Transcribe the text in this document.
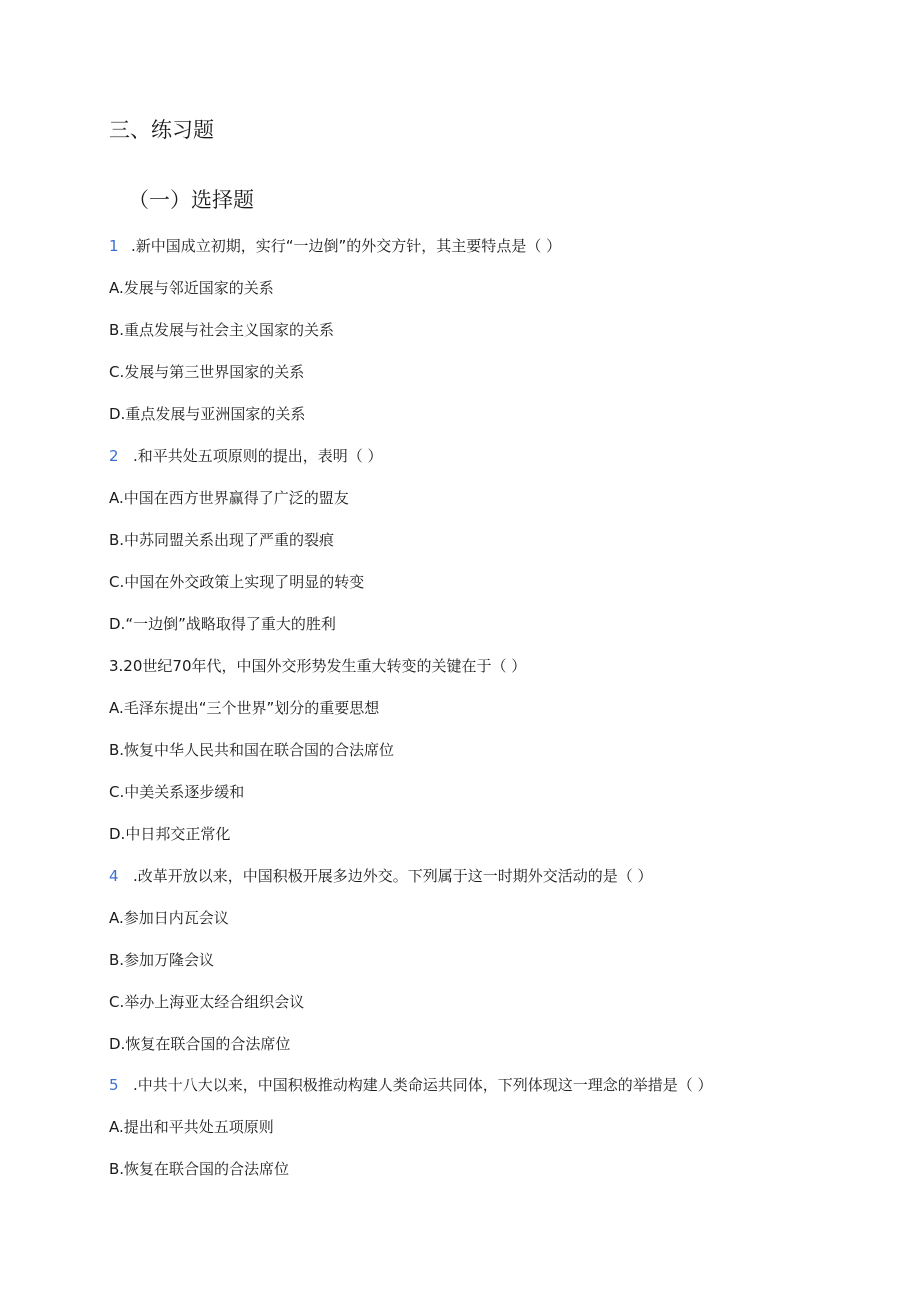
三、练习题
（一）选择题
1 .新中国成立初期，实行“一边倒”的外交方针，其主要特点是（ ）
A.发展与邻近国家的关系
B.重点发展与社会主义国家的关系
C.发展与第三世界国家的关系
D.重点发展与亚洲国家的关系
2 .和平共处五项原则的提出，表明（ ）
A.中国在西方世界赢得了广泛的盟友
B.中苏同盟关系出现了严重的裂痕
C.中国在外交政策上实现了明显的转变
D.“一边倒”战略取得了重大的胜利
3.20世纪70年代，中国外交形势发生重大转变的关键在于（ ）
A.毛泽东提出“三个世界”划分的重要思想
B.恢复中华人民共和国在联合国的合法席位
C.中美关系逐步缓和
D.中日邦交正常化
4 .改革开放以来，中国积极开展多边外交。下列属于这一时期外交活动的是（ ）
A.参加日内瓦会议
B.参加万隆会议
C.举办上海亚太经合组织会议
D.恢复在联合国的合法席位
5 .中共十八大以来，中国积极推动构建人类命运共同体，下列体现这一理念的举措是（ ）
A.提出和平共处五项原则
B.恢复在联合国的合法席位
